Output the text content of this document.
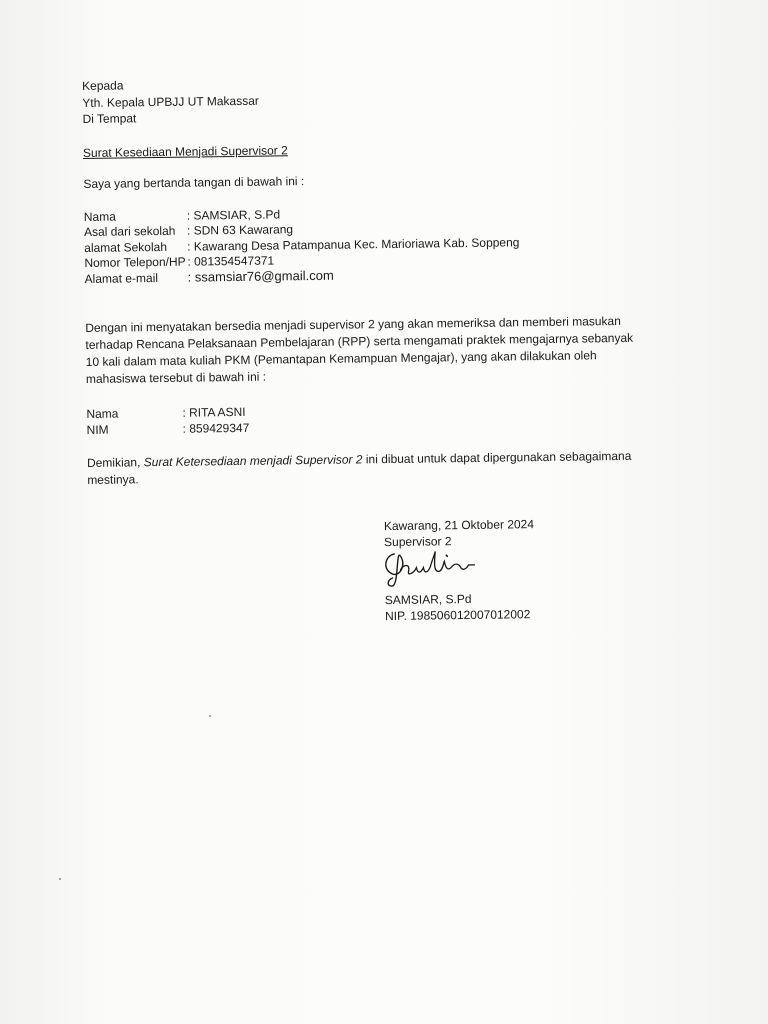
Kepada
Yth. Kepala UPBJJ UT Makassar
Di Tempat
Surat Kesediaan Menjadi Supervisor 2
Saya yang bertanda tangan di bawah ini :
Nama	: SAMSIAR, S.Pd
Asal dari sekolah : SDN 63 Kawarang
alamat Sekolah	: Kawarang Desa Patampanua Kec. Marioriawa Kab. Soppeng
Nomor Telepon/HP : 081354547371
Alamat e-mail	: ssamsiar76@gmail.com

Dengan ini menyatakan bersedia menjadi supervisor 2 yang akan memeriksa dan memberi masukan terhadap Rencana Pelaksanaan Pembelajaran (RPP) serta mengamati praktek mengajarnya sebanyak 10 kali dalam mata kuliah PKM (Pemantapan Kemampuan Mengajar), yang akan dilakukan oleh mahasiswa tersebut di bawah ini :

Nama	: RITA ASNI
NIM	: 859429347

Demikian, Surat Ketersediaan menjadi Supervisor 2 ini dibuat untuk dapat dipergunakan sebagaimana mestinya.

Kawarang, 21 Oktober 2024
Supervisor 2
SAMSIAR, S.Pd
NIP. 198506012007012002
